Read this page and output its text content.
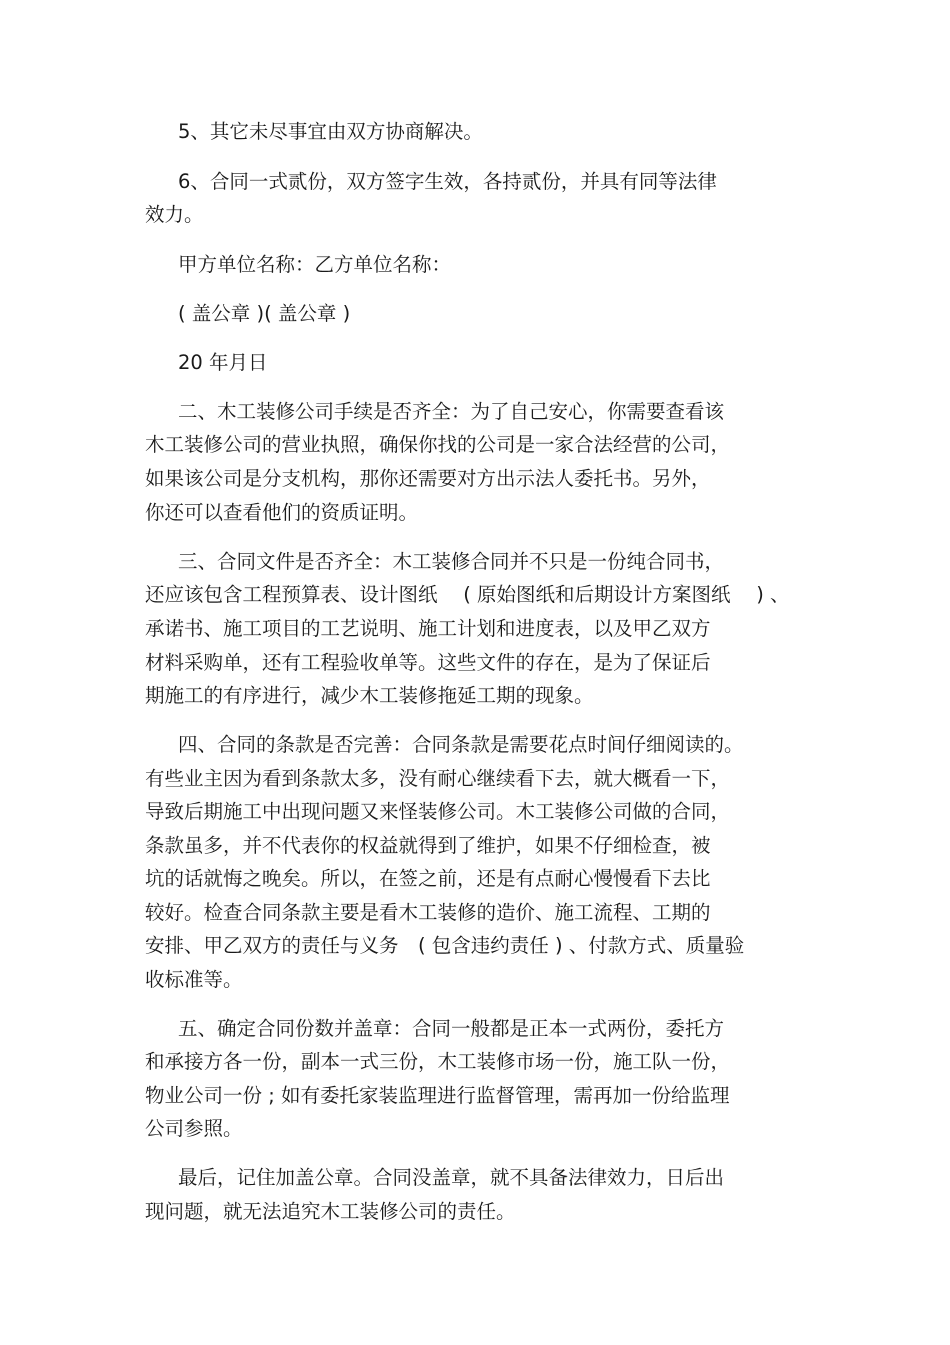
5、其它未尽事宜由双方协商解决。

6、合同一式贰份，双方签字生效，各持贰份，并具有同等法律

效力。

甲方单位名称：乙方单位名称：

( 盖公章 )( 盖公章 )

20 年月日

二、木工装修公司手续是否齐全：为了自己安心，你需要查看该

木工装修公司的营业执照，确保你找的公司是一家合法经营的公司，

如果该公司是分支机构，那你还需要对方出示法人委托书。另外，

你还可以查看他们的资质证明。

三、合同文件是否齐全：木工装修合同并不只是一份纯合同书，

还应该包含工程预算表、设计图纸　 ( 原始图纸和后期设计方案图纸　 ) 、

承诺书、施工项目的工艺说明、施工计划和进度表，以及甲乙双方

材料采购单，还有工程验收单等。这些文件的存在，是为了保证后

期施工的有序进行，减少木工装修拖延工期的现象。

四、合同的条款是否完善：合同条款是需要花点时间仔细阅读的。

有些业主因为看到条款太多，没有耐心继续看下去，就大概看一下，

导致后期施工中出现问题又来怪装修公司。木工装修公司做的合同，

条款虽多，并不代表你的权益就得到了维护，如果不仔细检查，被

坑的话就悔之晚矣。所以，在签之前，还是有点耐心慢慢看下去比

较好。检查合同条款主要是看木工装修的造价、施工流程、工期的

安排、甲乙双方的责任与义务　( 包含违约责任 ) 、付款方式、质量验

收标准等。

五、确定合同份数并盖章：合同一般都是正本一式两份，委托方

和承接方各一份，副本一式三份，木工装修市场一份，施工队一份，

物业公司一份 ; 如有委托家装监理进行监督管理，需再加一份给监理

公司参照。

最后，记住加盖公章。合同没盖章，就不具备法律效力，日后出

现问题，就无法追究木工装修公司的责任。
